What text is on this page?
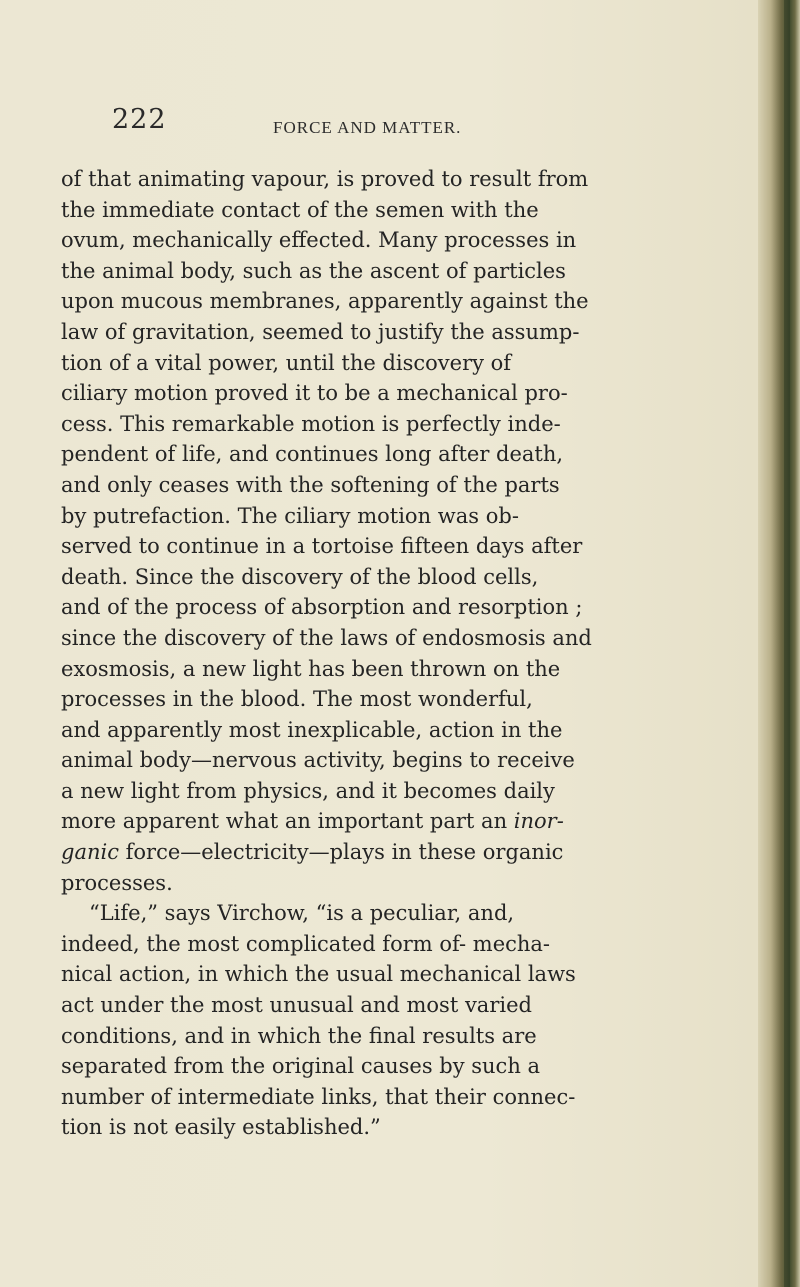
222	FORCE AND MATTER.
of that animating vapour, is proved to result from
the immediate contact of the semen with the
ovum, mechanically effected. Many processes in
the animal body, such as the ascent of particles
upon mucous membranes, apparently against the
law of gravitation, seemed to justify the assump-
tion of a vital power, until the discovery of
ciliary motion proved it to be a mechanical pro-
cess. This remarkable motion is perfectly inde-
pendent of life, and continues long after death,
and only ceases with the softening of the parts
by putrefaction. The ciliary motion was ob-
served to continue in a tortoise fifteen days after
death. Since the discovery of the blood cells,
and of the process of absorption and resorption ;
since the discovery of the laws of endosmosis and
exosmosis, a new light has been thrown on the
processes in the blood. The most wonderful,
and apparently most inexplicable, action in the
animal body—nervous activity, begins to receive
a new light from physics, and it becomes daily
more apparent what an important part an inor-
ganic force—electricity—plays in these organic
processes.
“Life,” says Virchow, “is a peculiar, and,
indeed, the most complicated form of- mecha-
nical action, in which the usual mechanical laws
act under the most unusual and most varied
conditions, and in which the final results are
separated from the original causes by such a
number of intermediate links, that their connec-
tion is not easily established.”
